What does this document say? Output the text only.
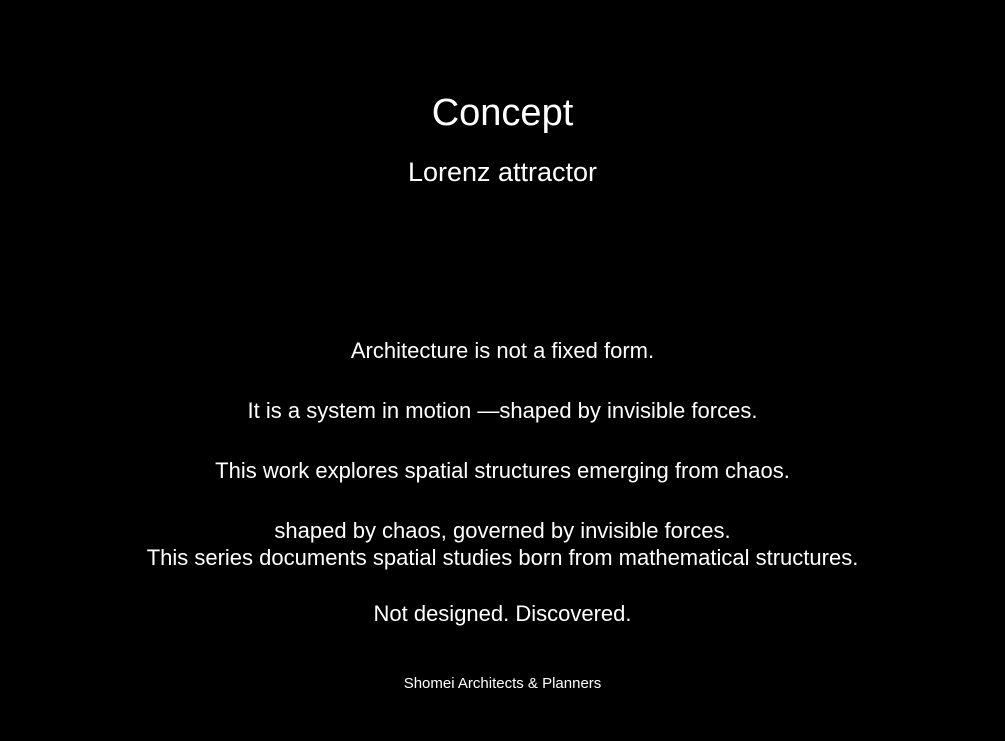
Concept
Lorenz attractor

Architecture is not a fixed form.

It is a system in motion —shaped by invisible forces.

This work explores spatial structures emerging from chaos.

shaped by chaos, governed by invisible forces.

This series documents spatial studies born from mathematical structures.

Not designed. Discovered.

Shomei Architects & Planners
